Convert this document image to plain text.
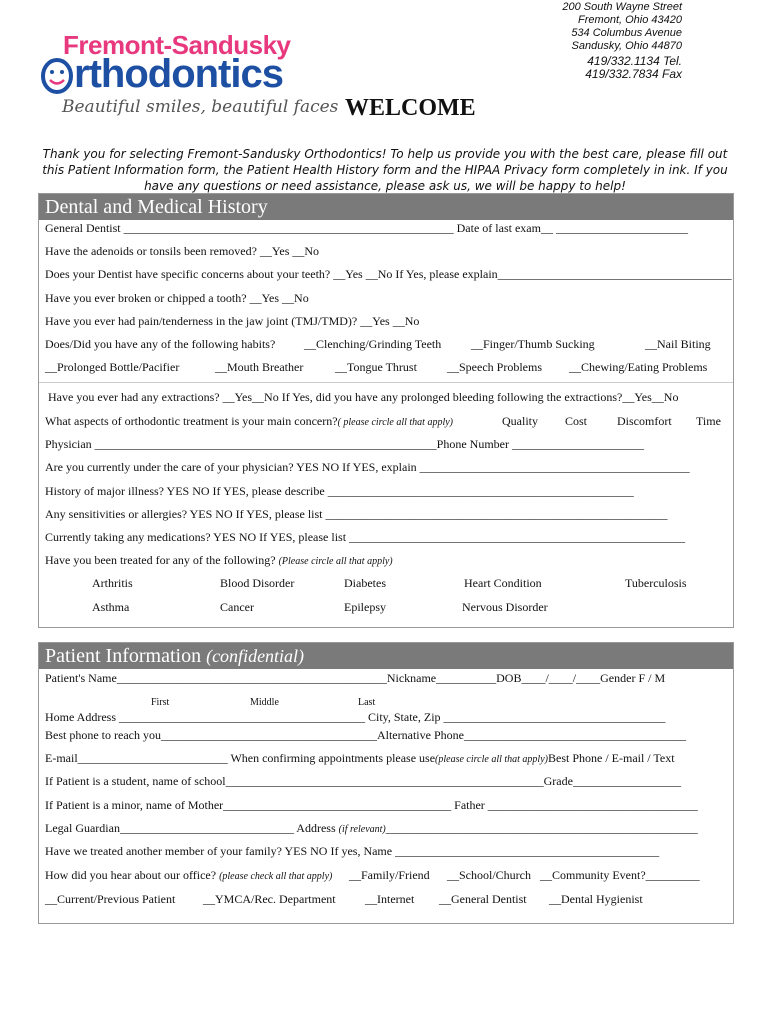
Fremont-Sandusky
rthodontics
Beautiful smiles, beautiful faces
200 South Wayne Street
Fremont, Ohio 43420
534 Columbus Avenue
Sandusky, Ohio 44870
419/332.1134 Tel.
419/332.7834 Fax
WELCOME
Thank you for selecting Fremont-Sandusky Orthodontics! To help us provide you with the best care, please fill out this Patient Information form, the Patient Health History form and the HIPAA Privacy form completely in ink. If you have any questions or need assistance, please ask us, we will be happy to help!
Dental and Medical History
General Dentist _______________________________________________________ Date of last exam__ ______________________
Have the adenoids or tonsils been removed? __Yes __No
Does your Dentist have specific concerns about your teeth? __Yes __No If Yes, please explain_______________________________________
Have you ever broken or chipped a tooth? __Yes __No
Have you ever had pain/tenderness in the jaw joint (TMJ/TMD)? __Yes __No
Does/Did you have any of the following habits? __Clenching/Grinding Teeth __Finger/Thumb Sucking	__Nail Biting
__Prolonged Bottle/Pacifier	__Mouth Breather	__Tongue Thrust	__Speech Problems __Chewing/Eating Problems
Have you ever had any extractions? __Yes__No If Yes, did you have any prolonged bleeding following the extractions?__Yes__No
What aspects of orthodontic treatment is your main concern?( please circle all that apply)	Quality Cost Discomfort Time
Physician _________________________________________________________Phone Number ______________________
Are you currently under the care of your physician? YES NO If YES, explain _____________________________________________
History of major illness? YES NO If YES, please describe ___________________________________________________
Any sensitivities or allergies? YES NO If YES, please list _________________________________________________________
Currently taking any medications? YES NO If YES, please list ________________________________________________________
Have you been treated for any of the following? (Please circle all that apply)
Arthritis	Blood Disorder	Diabetes	Heart Condition	Tuberculosis
Asthma	Cancer	Epilepsy	Nervous Disorder
Patient Information (confidential)
Patient's Name_____________________________________________Nickname__________DOB____/____/____Gender F / M
First	Middle	Last
Home Address _________________________________________ City, State, Zip _____________________________________
Best phone to reach you____________________________________Alternative Phone_____________________________________
E-mail_________________________ When confirming appointments please use(please circle all that apply)Best Phone / E-mail / Text
If Patient is a student, name of school_____________________________________________________Grade__________________
If Patient is a minor, name of Mother______________________________________ Father ___________________________________
Legal Guardian_____________________________ Address (if relevant)____________________________________________________
Have we treated another member of your family? YES NO If yes, Name ____________________________________________
How did you hear about our office? (please check all that apply) __Family/Friend __School/Church __Community Event?_________
__Current/Previous Patient __YMCA/Rec. Department __Internet __General Dentist __Dental Hygienist
